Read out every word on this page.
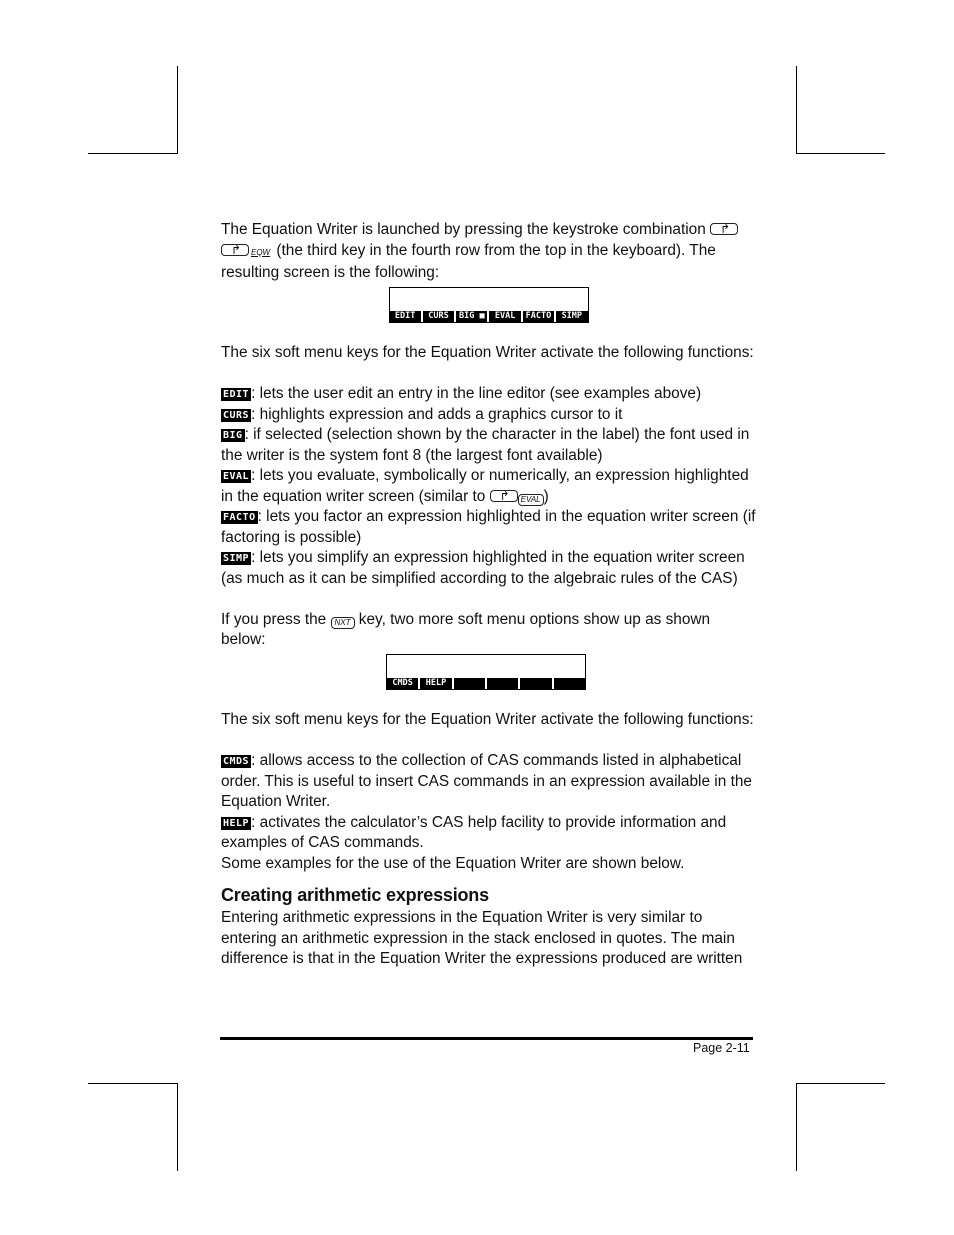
The Equation Writer is launched by pressing the keystroke combination ↱ ↱EQW (the third key in the fourth row from the top in the keyboard). The resulting screen is the following:

EDIT	CURS	BIG ■	EVAL	FACTO	SIMP

The six soft menu keys for the Equation Writer activate the following functions:

EDIT : lets the user edit an entry in the line editor (see examples above)

CURS : highlights expression and adds a graphics cursor to it

BIG : if selected (selection shown by the character in the label) the font used in the writer is the system font 8 (the largest font available)

EVAL : lets you evaluate, symbolically or numerically, an expression highlighted in the equation writer screen (similar to ↱	EVAL )

FACTO : lets you factor an expression highlighted in the equation writer screen (if factoring is possible)

SIMP : lets you simplify an expression highlighted in the equation writer screen (as much as it can be simplified according to the algebraic rules of the CAS)

If you press the NXT key, two more soft menu options show up as shown below:

CMDS	HELP

The six soft menu keys for the Equation Writer activate the following functions:

CMDS : allows access to the collection of CAS commands listed in alphabetical order. This is useful to insert CAS commands in an expression available in the Equation Writer.

HELP : activates the calculator’s CAS help facility to provide information and examples of CAS commands.

Some examples for the use of the Equation Writer are shown below.

Creating arithmetic expressions

Entering arithmetic expressions in the Equation Writer is very similar to entering an arithmetic expression in the stack enclosed in quotes. The main difference is that in the Equation Writer the expressions produced are written

Page 2-11
